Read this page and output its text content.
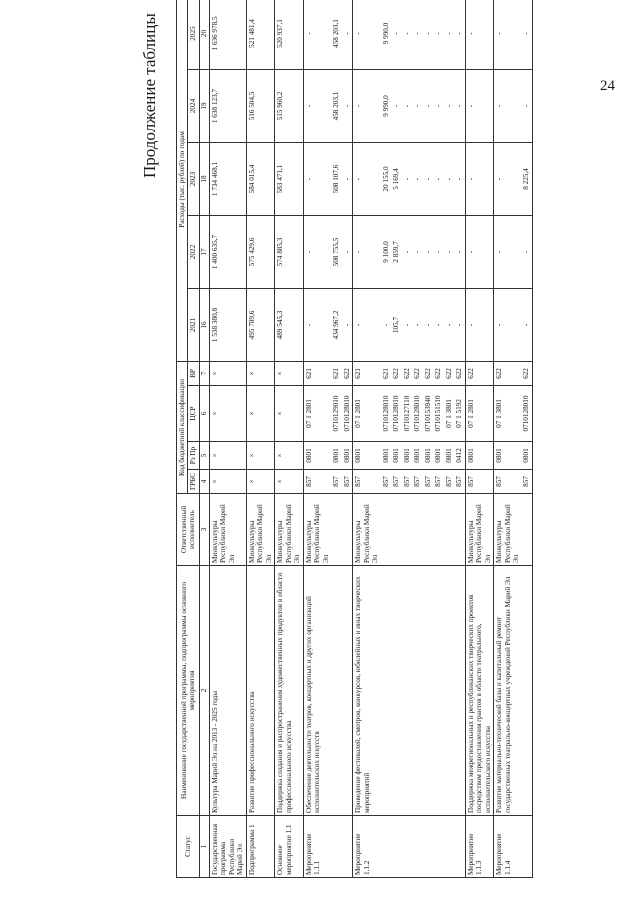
24
Продолжение таблицы
Статус	Наименование государственной программы, подпрограммы основного мероприятия	Ответственный исполнитель	Код бюджетной классификации				Расходы (тыс. рублей) по годам				
			ГРБС	Рз Пр	ЦСР	ВР	2021	2022	2023	2024	2025
1	2	3	4	5	6	7	16	17	18	19	20
Государственная программа Республики Марий Эл	Культура Марий Эл на 2013 - 2025 годы	Минкультуры Республики Марий Эл	×	×	×	×	1 538 380,8	1 400 635,7	1 734 468,1	1 638 123,7	1 636 978,5
Подпрограмма 1	Развитие профессионального искусства	Минкультуры Республики Марий Эл	×	×	×	×	495 789,6	575 429,6	584 015,4	516 504,5	521 481,4
Основное мероприятие 1.1	Поддержка создания и распространения художественных продуктов в области профессионального искусства	Минкультуры Республики Марий Эл	×	×	×	×	489 545,3	574 885,3	583 471,1	515 960,2	520 937,1
Мероприятие 1.1.1	Обеспечение деятельности театров, концертных и других организаций исполнительских искусств	Минкультуры Республики Марий Эл	857	0801	07 1 2801	621	-	-	-	-	-
			857	0801	0710129010	621	434 967,2	508 755,5	508 107,6	458 203,1	458 203,1
			857	0801	0710128010	622	-	-	-	-	-
Мероприятие 1.1.2	Проведение фестивалей, смотров, конкурсов, юбилейных и иных творческих мероприятий	Минкультуры Республики Марий Эл	857	0801	07 1 2801	621	-	-	-	-	-
			857	0801	0710128010	621	-	9 100,0	20 155,0	9 990,0	9 990,0
			857	0801	0710128010	622	105,7	2 859,7	5 169,4	-	-
			857	0801	0710127110	622	-	-	-	-	-
			857	0801	0710128010	622	-	-	-	-	-
			857	0801	0710153940	622	-	-	-	-	-
			857	0801	0710151510	622	-	-	-	-	-
			857	0801	07 1 3801	622	-	-	-	-	-
			857	0412	07 1 5192	622	-	-	-	-	-
Мероприятие 1.1.3	Поддержка межрегиональных и республиканских творческих проектов посредством предоставления грантов в области театрального, исполнительского искусства	Минкультуры Республики Марий Эл	857	0801	07 1 2801	622	-	-	-	-	-
Мероприятие 1.1.4	Развитие материально-технической базы и капитальный ремонт государственных театрально-концертных учреждений Республики Марий Эл	Минкультуры Республики Марий Эл	857	0801	07 1 3801	622	-	-	-	-	-
			857	0801	0710128010	622	-	-	8 225,4	-	-
